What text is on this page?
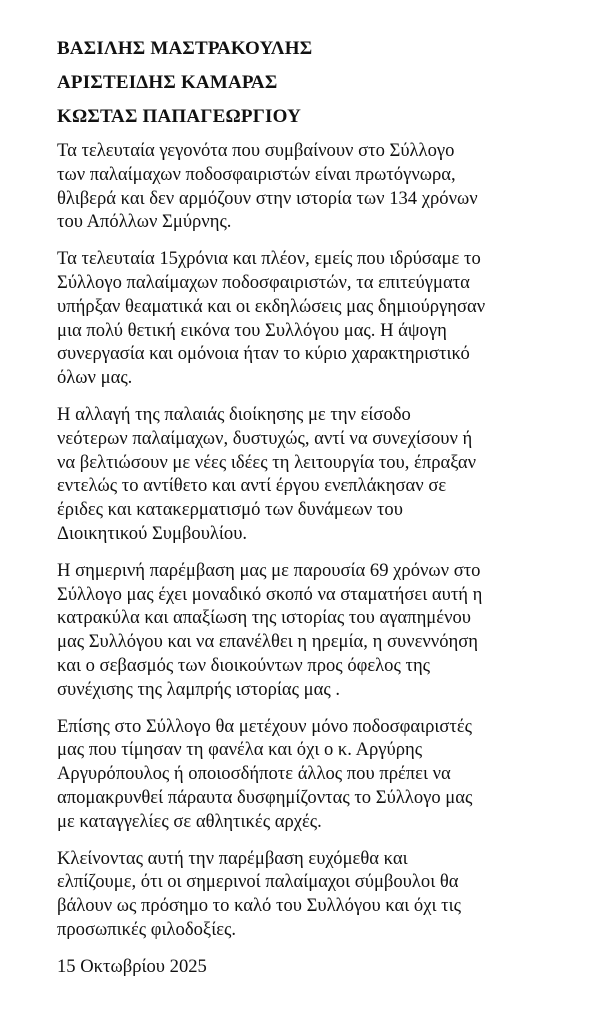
ΒΑΣΙΛΗΣ ΜΑΣΤΡΑΚΟΥΛΗΣ
ΑΡΙΣΤΕΙΔΗΣ ΚΑΜΑΡΑΣ
ΚΩΣΤΑΣ ΠΑΠΑΓΕΩΡΓΙΟΥ
Τα τελευταία γεγονότα που συμβαίνουν στο Σύλλογο
των παλαίμαχων ποδοσφαιριστών είναι πρωτόγνωρα,
θλιβερά και δεν αρμόζουν στην ιστορία των 134 χρόνων
του Απόλλων Σμύρνης.
Τα τελευταία 15χρόνια και πλέον, εμείς που ιδρύσαμε το
Σύλλογο παλαίμαχων ποδοσφαιριστών, τα επιτεύγματα
υπήρξαν θεαματικά και οι εκδηλώσεις μας δημιούργησαν
μια πολύ θετική εικόνα του Συλλόγου μας. Η άψογη
συνεργασία και ομόνοια ήταν το κύριο χαρακτηριστικό
όλων μας.
Η αλλαγή της παλαιάς διοίκησης με την είσοδο
νεότερων παλαίμαχων, δυστυχώς, αντί να συνεχίσουν ή
να βελτιώσουν με νέες ιδέες τη λειτουργία του, έπραξαν
εντελώς το αντίθετο και αντί έργου ενεπλάκησαν σε
έριδες και κατακερματισμό των δυνάμεων του
Διοικητικού Συμβουλίου.
Η σημερινή παρέμβαση μας με παρουσία 69 χρόνων στο
Σύλλογο μας έχει μοναδικό σκοπό να σταματήσει αυτή η
κατρακύλα και απαξίωση της ιστορίας του αγαπημένου
μας Συλλόγου και να επανέλθει η ηρεμία, η συνεννόηση
και ο σεβασμός των διοικούντων προς όφελος της
συνέχισης της λαμπρής ιστορίας μας .
Επίσης στο Σύλλογο θα μετέχουν μόνο ποδοσφαιριστές
μας που τίμησαν τη φανέλα και όχι ο κ. Αργύρης
Αργυρόπουλος ή οποιοσδήποτε άλλος που πρέπει να
απομακρυνθεί πάραυτα δυσφημίζοντας το Σύλλογο μας
με καταγγελίες σε αθλητικές αρχές.
Κλείνοντας αυτή την παρέμβαση ευχόμεθα και
ελπίζουμε, ότι οι σημερινοί παλαίμαχοι σύμβουλοι θα
βάλουν ως πρόσημο το καλό του Συλλόγου και όχι τις
προσωπικές φιλοδοξίες.
15 Οκτωβρίου 2025
